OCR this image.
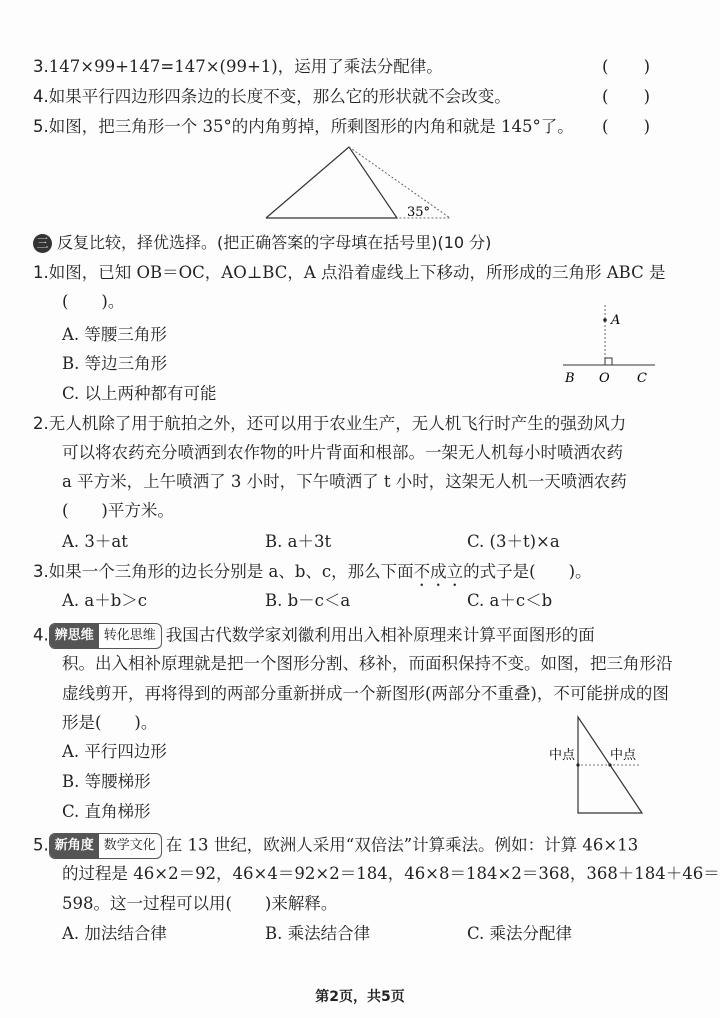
3.147×99+147=147×(99+1)，运用了乘法分配律。	( )
4.如果平行四边形四条边的长度不变，那么它的形状就不会改变。	( )
5.如图，把三角形一个 35°的内角剪掉，所剩图形的内角和就是 145°了。 ( )
35°
三 反复比较，择优选择。(把正确答案的字母填在括号里)(10 分)
1.如图，已知 OB＝OC，AO⊥BC，A 点沿着虚线上下移动，所形成的三角形 ABC 是
(　　)。
A. 等腰三角形
B. 等边三角形
C. 以上两种都有可能
A
B O C
2.无人机除了用于航拍之外，还可以用于农业生产，无人机飞行时产生的强劲风力
可以将农药充分喷洒到农作物的叶片背面和根部。一架无人机每小时喷洒农药
a 平方米，上午喷洒了 3 小时，下午喷洒了 t 小时，这架无人机一天喷洒农药
(　　)平方米。
A. 3＋at	B. a＋3t	C. (3＋t)×a
3.如果一个三角形的边长分别是 a、b、c，那么下面不成立的式子是(　　)。
A. a＋b＞c	B. b－c＜a	C. a＋c＜b
4. 辨思维 转化思维 我国古代数学家刘徽利用出入相补原理来计算平面图形的面
积。出入相补原理就是把一个图形分割、移补，而面积保持不变。如图，把三角形沿
虚线剪开，再将得到的两部分重新拼成一个新图形(两部分不重叠)，不可能拼成的图
形是(　　)。
A. 平行四边形
B. 等腰梯形
C. 直角梯形
中点	中点
5. 新角度 数学文化 在 13 世纪，欧洲人采用“双倍法”计算乘法。例如：计算 46×13
的过程是 46×2＝92，46×4＝92×2＝184，46×8＝184×2＝368，368＋184＋46＝
598。这一过程可以用(　　)来解释。
A. 加法结合律	B. 乘法结合律	C. 乘法分配律
第2页，共5页
